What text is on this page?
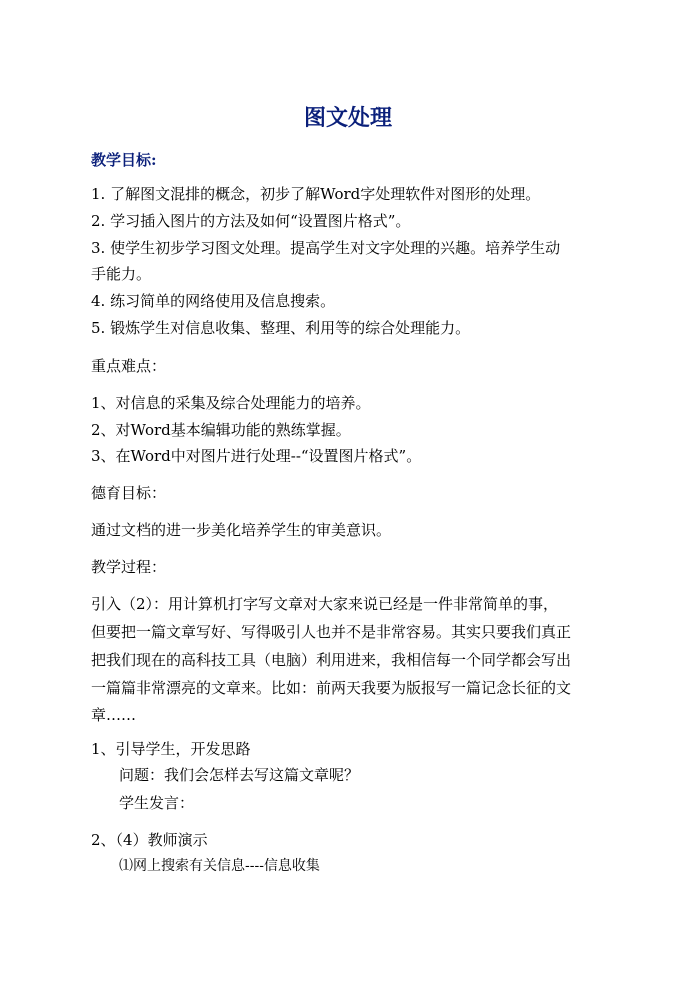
图文处理
教学目标:
1. 了解图文混排的概念，初步了解Word字处理软件对图形的处理。
2. 学习插入图片的方法及如何“设置图片格式”。
3. 使学生初步学习图文处理。提高学生对文字处理的兴趣。培养学生动
手能力。
4. 练习简单的网络使用及信息搜索。
5. 锻炼学生对信息收集、整理、利用等的综合处理能力。
重点难点：
1、对信息的采集及综合处理能力的培养。
2、对Word基本编辑功能的熟练掌握。
3、在Word中对图片进行处理--“设置图片格式”。
德育目标：
通过文档的进一步美化培养学生的审美意识。
教学过程：
引入（2）：用计算机打字写文章对大家来说已经是一件非常简单的事，
但要把一篇文章写好、写得吸引人也并不是非常容易。其实只要我们真正
把我们现在的高科技工具（电脑）利用进来，我相信每一个同学都会写出
一篇篇非常漂亮的文章来。比如：前两天我要为版报写一篇记念长征的文
章……
1、引导学生，开发思路
问题：我们会怎样去写这篇文章呢？
学生发言：
2、（4）教师演示
⑴网上搜索有关信息----信息收集
